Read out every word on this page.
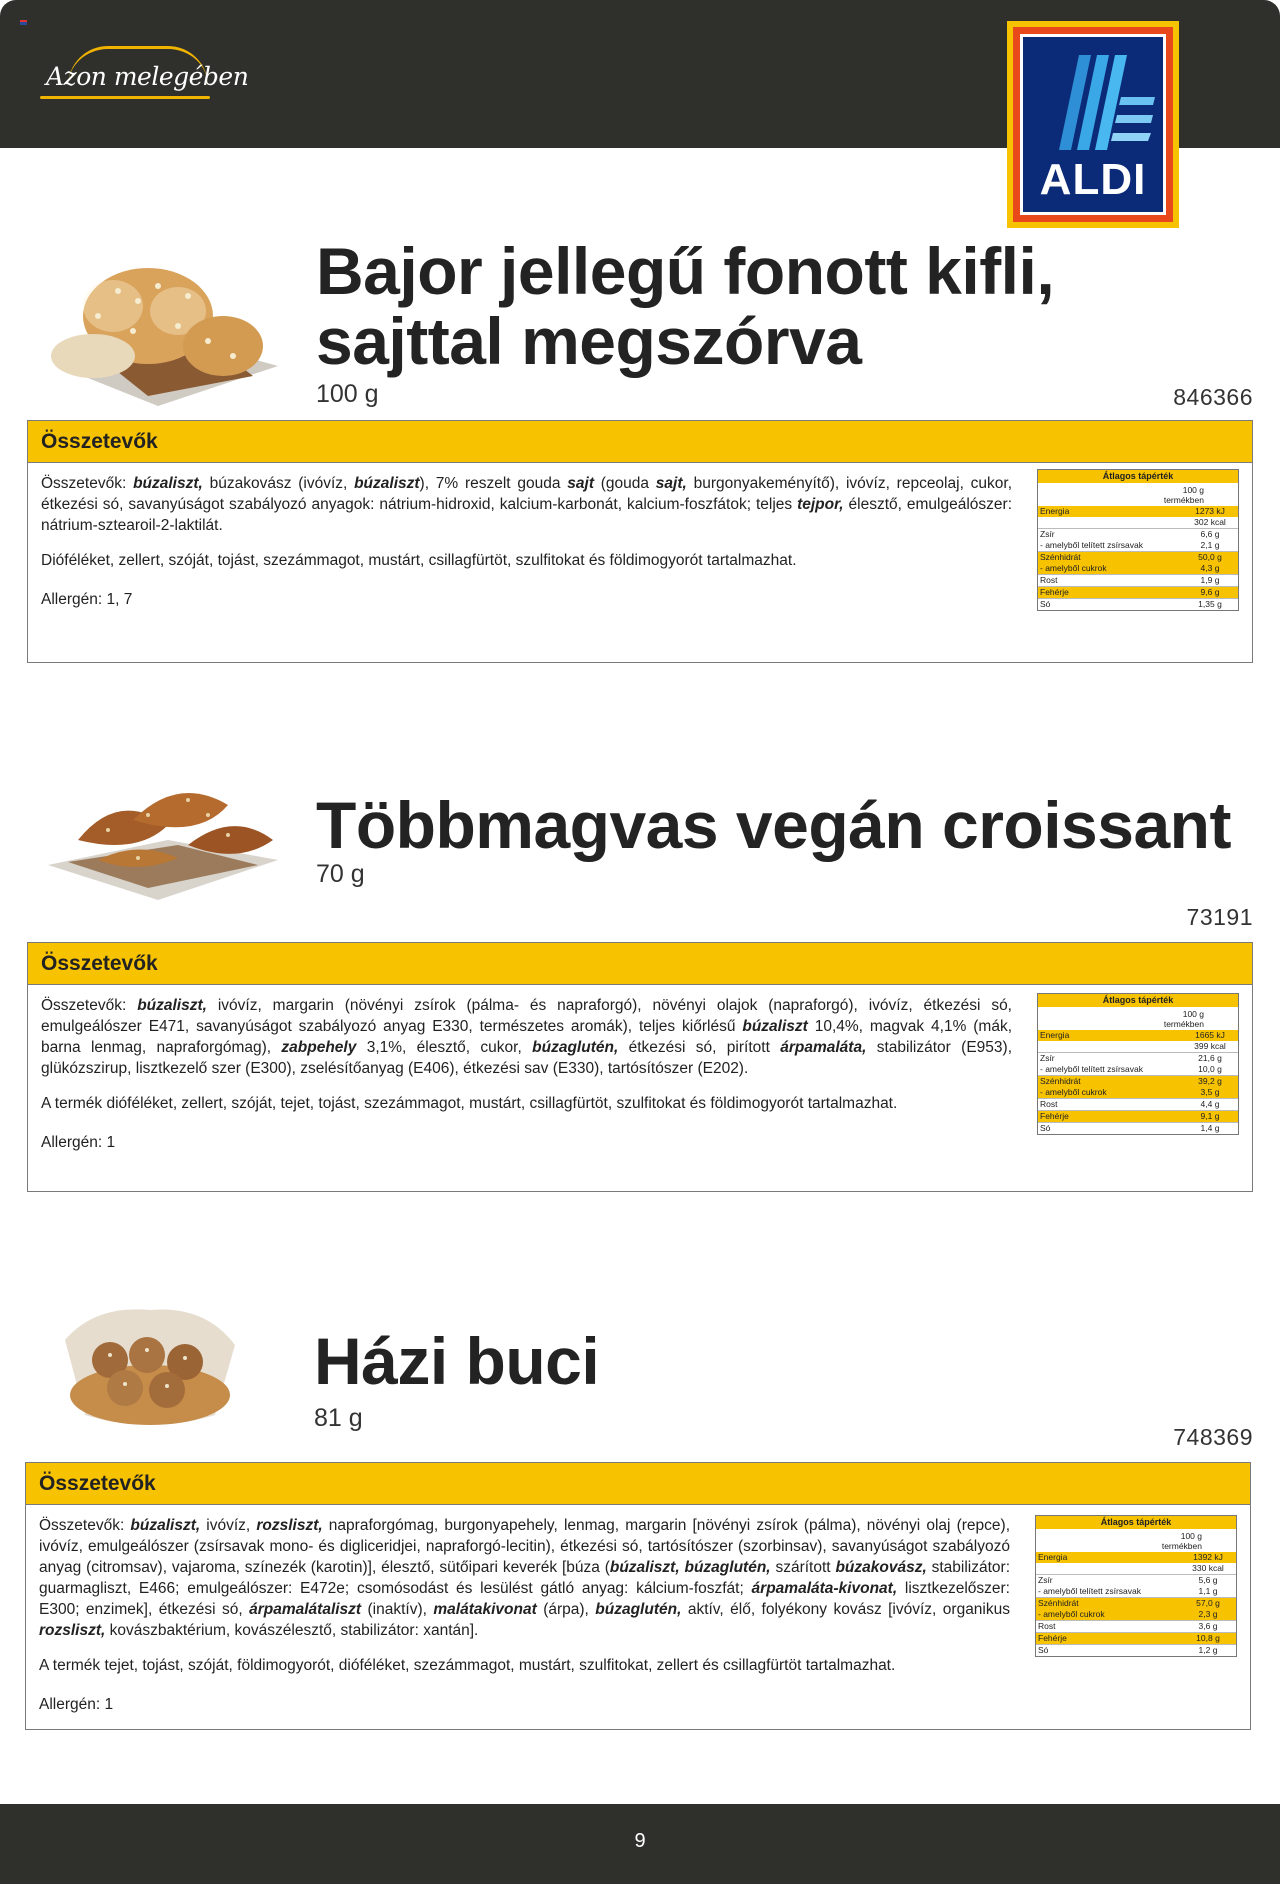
Azon melegében
ALDI
Bajor jellegű fonott kifli,
sajttal megszórva
100 g	846366
Összetevők

Összetevők: búzaliszt, búzakovász (ivóvíz, búzaliszt), 7% reszelt gouda sajt (gouda sajt, burgonyakeményítő), ivóvíz, repceolaj, cukor, étkezési só, savanyúságot szabályozó anyagok: nátrium-hidroxid, kalcium-karbonát, kalcium-foszfátok; teljes tejpor, élesztő, emulgeálószer: nátrium-sztearoil-2-laktilát.

Dióféléket, zellert, szóját, tojást, szezámmagot, mustárt, csillagfürtöt, szulfitokat és földimogyorót tartalmazhat.

Allergén: 1, 7

Átlagos tápérték
100 g
termékben
Energia	1273 kJ
302 kcal
Zsír	6,6 g
- amelyből telített zsírsavak	2,1 g
Szénhidrát	50,0 g
- amelyből cukrok	4,3 g
Rost	1,9 g
Fehérje	9,6 g
Só	1,35 g
Többmagvas vegán croissant
70 g
73191
Összetevők

Összetevők: búzaliszt, ivóvíz, margarin (növényi zsírok (pálma- és napraforgó), növényi olajok (napraforgó), ivóvíz, étkezési só, emulgeálószer E471, savanyúságot szabályozó anyag E330, természetes aromák), teljes kiőrlésű búzaliszt 10,4%, magvak 4,1% (mák, barna lenmag, napraforgómag), zabpehely 3,1%, élesztő, cukor, búzaglutén, étkezési só, pirított árpamaláta, stabilizátor (E953), glükózszirup, lisztkezelő szer (E300), zselésítőanyag (E406), étkezési sav (E330), tartósítószer (E202).

A termék dióféléket, zellert, szóját, tejet, tojást, szezámmagot, mustárt, csillagfürtöt, szulfitokat és földimogyorót tartalmazhat.

Allergén: 1

Átlagos tápérték
100 g
termékben
Energia	1665 kJ
399 kcal
Zsír	21,6 g
- amelyből telített zsírsavak	10,0 g
Szénhidrát	39,2 g
- amelyből cukrok	3,5 g
Rost	4,4 g
Fehérje	9,1 g
Só	1,4 g
Házi buci
81 g
748369
Összetevők

Összetevők: búzaliszt, ivóvíz, rozsliszt, napraforgómag, burgonyapehely, lenmag, margarin [növényi zsírok (pálma), növényi olaj (repce), ivóvíz, emulgeálószer (zsírsavak mono- és digliceridjei, napraforgó-lecitin), étkezési só, tartósítószer (szorbinsav), savanyúságot szabályozó anyag (citromsav), vajaroma, színezék (karotin)], élesztő, sütőipari keverék [búza (búzaliszt, búzaglutén, szárított búzakovász, stabilizátor: guarmagliszt, E466; emulgeálószer: E472e; csomósodást és lesülést gátló anyag: kálcium-foszfát; árpamaláta-kivonat, lisztkezelőszer: E300; enzimek], étkezési só, árpamalátaliszt (inaktív), malátakivonat (árpa), búzaglutén, aktív, élő, folyékony kovász [ivóvíz, organikus rozsliszt, kovászbaktérium, kovászélesztő, stabilizátor: xantán].

A termék tejet, tojást, szóját, földimogyorót, dióféléket, szezámmagot, mustárt, szulfitokat, zellert és csillagfürtöt tartalmazhat.

Allergén: 1

Átlagos tápérték
100 g
termékben
Energia	1392 kJ
330 kcal
Zsír	5,6 g
- amelyből telített zsírsavak	1,1 g
Szénhidrát	57,0 g
- amelyből cukrok	2,3 g
Rost	3,6 g
Fehérje	10,8 g
Só	1,2 g
9
